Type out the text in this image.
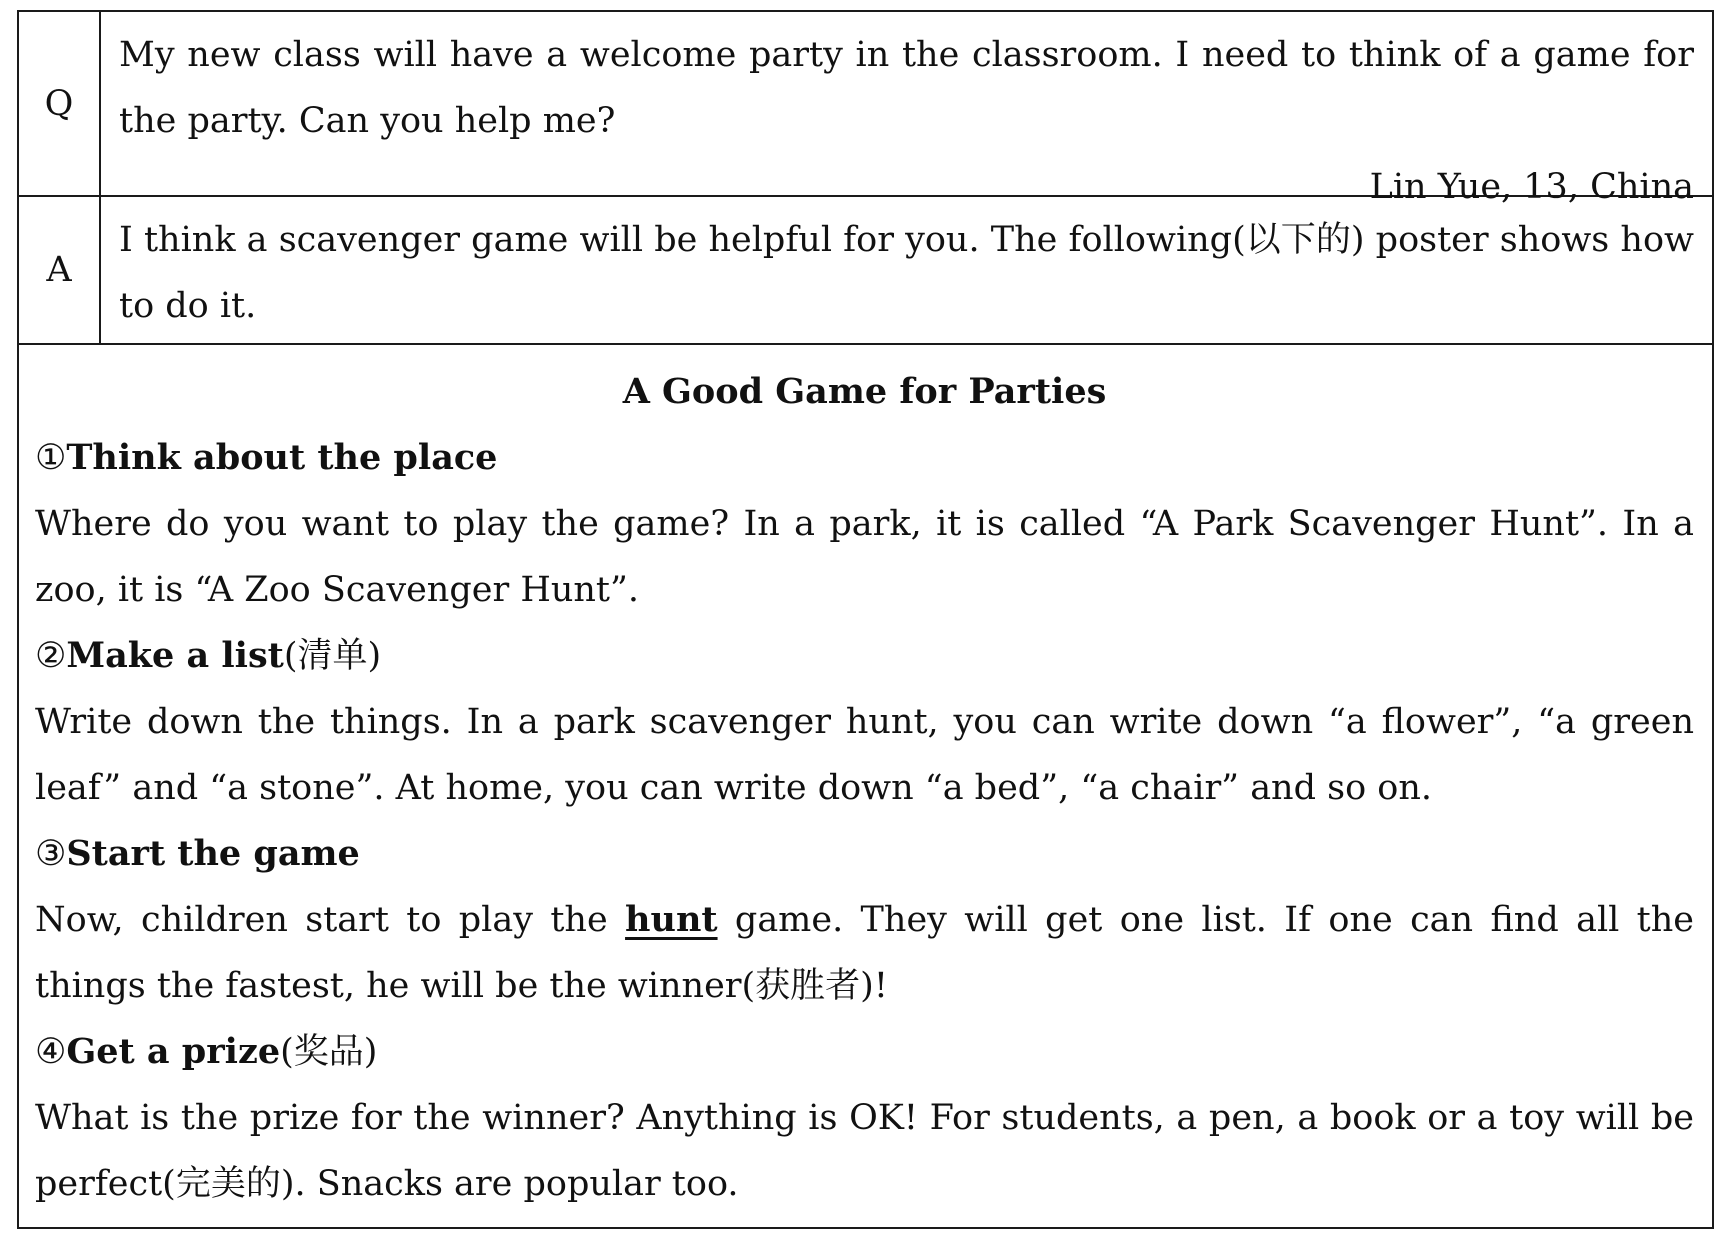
Q
My new class will have a welcome party in the classroom. I need to think of a game for the party. Can you help me?
Lin Yue, 13, China
A
I think a scavenger game will be helpful for you. The following(以下的) poster shows how to do it.
A Good Game for Parties
①Think about the place
Where do you want to play the game? In a park, it is called “A Park Scavenger Hunt”. In a zoo, it is “A Zoo Scavenger Hunt”.
②Make a list(清单)
Write down the things. In a park scavenger hunt, you can write down “a flower”, “a green leaf” and “a stone”. At home, you can write down “a bed”, “a chair” and so on.
③Start the game
Now, children start to play the hunt game. They will get one list. If one can find all the things the fastest, he will be the winner(获胜者)!
④Get a prize(奖品)
What is the prize for the winner? Anything is OK! For students, a pen, a book or a toy will be perfect(完美的). Snacks are popular too.
